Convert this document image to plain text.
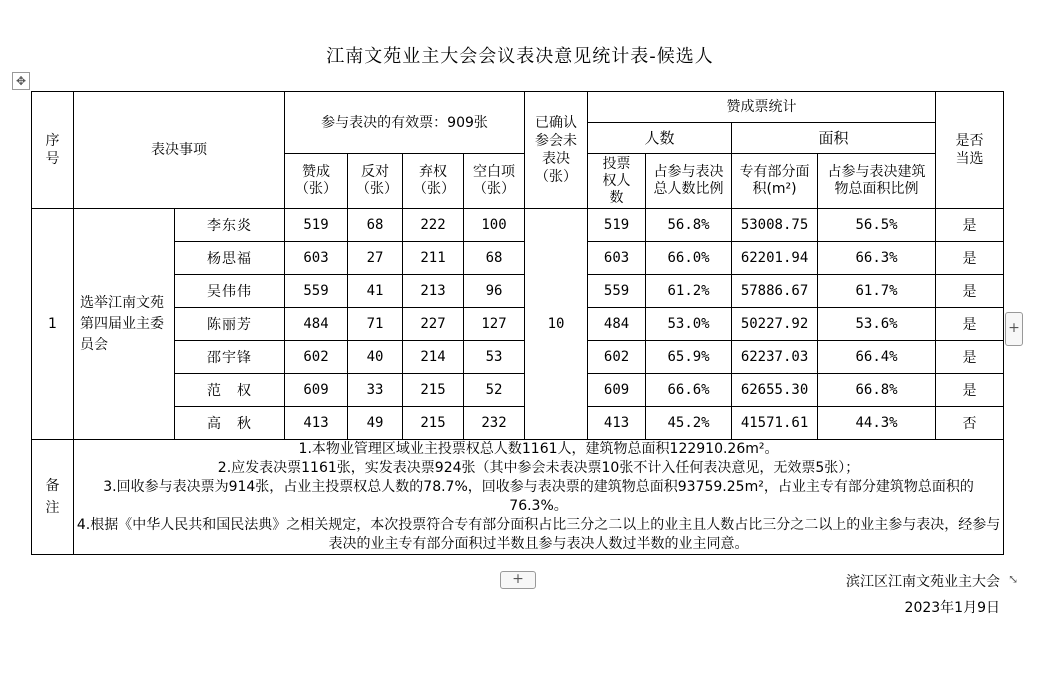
江南文苑业主大会会议表决意见统计表-候选人
✥
序号	表决事项		参与表决的有效票：909张				已确认参会未表决（张）	赞成票统计				是否当选
								人数		面积		
			赞成（张）	反对（张）	弃权（张）	空白项（张）		投票权人数	占参与表决总人数比例	专有部分面积(m²)	占参与表决建筑物总面积比例	
1	选举江南文苑第四届业主委员会	李东炎	519	68	222	100	10	519	56.8%	53008.75	56.5%	是
		杨思福	603	27	211	68		603	66.0%	62201.94	66.3%	是
		吴伟伟	559	41	213	96		559	61.2%	57886.67	61.7%	是
		陈丽芳	484	71	227	127		484	53.0%	50227.92	53.6%	是
		邵宇锋	602	40	214	53		602	65.9%	62237.03	66.4%	是
		范　权	609	33	215	52		609	66.6%	62655.30	66.8%	是
		高　秋	413	49	215	232		413	45.2%	41571.61	44.3%	否
备注	1.本物业管理区域业主投票权总人数1161人，建筑物总面积122910.26m²。
2.应发表决票1161张，实发表决票924张（其中参会未表决票10张不计入任何表决意见，无效票5张）；
3.回收参与表决票为914张，占业主投票权总人数的78.7%，回收参与表决票的建筑物总面积93759.25m²，占业主专有部分建筑物总面积的76.3%。
4.根据《中华人民共和国民法典》之相关规定，本次投票符合专有部分面积占比三分之二以上的业主且人数占比三分之二以上的业主参与表决，经参与表决的业主专有部分面积过半数且参与表决人数过半数的业主同意。											
+
+	⤡
滨江区江南文苑业主大会
2023年1月9日
